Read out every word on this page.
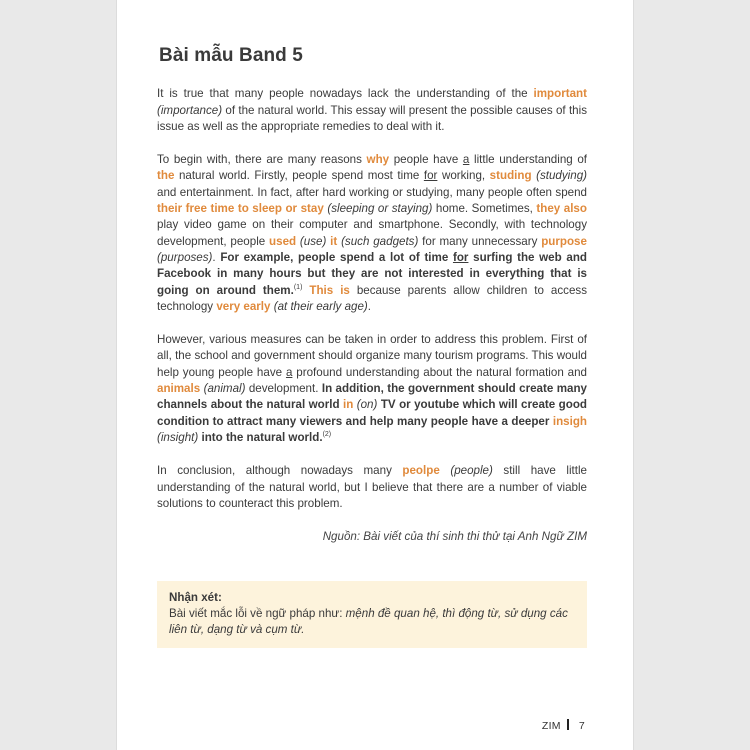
Bài mẫu Band 5

It is true that many people nowadays lack the understanding of the important (importance) of the natural world. This essay will present the possible causes of this issue as well as the appropriate remedies to deal with it.

To begin with, there are many reasons why people have a little understanding of the natural world. Firstly, people spend most time for working, studing (studying) and entertainment. In fact, after hard working or studying, many people often spend their free time to sleep or stay (sleeping or staying) home. Sometimes, they also play video game on their computer and smartphone. Secondly, with technology development, people used (use) it (such gadgets) for many unnecessary purpose (purposes). For example, people spend a lot of time for surfing the web and Facebook in many hours but they are not interested in everything that is going on around them.$^{(1)}$ This is because parents allow children to access technology very early (at their early age).

However, various measures can be taken in order to address this problem. First of all, the school and government should organize many tourism programs. This would help young people have a profound understanding about the natural formation and animals (animal) development. In addition, the government should create many channels about the natural world in (on) TV or youtube which will create good condition to attract many viewers and help many people have a deeper insigh (insight) into the natural world.$^{(2)}$

In conclusion, although nowadays many peolpe (people) still have little understanding of the natural world, but I believe that there are a number of viable solutions to counteract this problem.

Nguồn: Bài viết của thí sinh thi thử tại Anh Ngữ ZIM
Nhận xét:
Bài viết mắc lỗi về ngữ pháp như: mệnh đề quan hệ, thì động từ, sử dụng các liên từ, dạng từ và cụm từ.
ZIM 7
